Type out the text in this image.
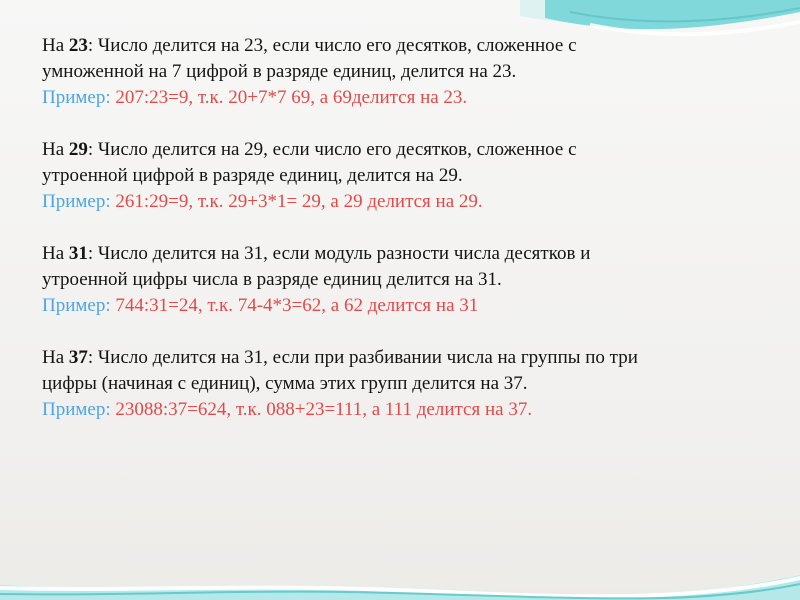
На 23: Число делится на 23, если число его десятков, сложенное с
умноженной на 7 цифрой в разряде единиц, делится на 23.
Пример: 207:23=9, т.к. 20+7*7 69, а 69делится на 23.
На 29: Число делится на 29, если число его десятков, сложенное с
утроенной цифрой в разряде единиц, делится на 29.
Пример: 261:29=9, т.к. 29+3*1= 29, а 29 делится на 29.
На 31: Число делится на 31, если модуль разности числа десятков и
утроенной цифры числа в разряде единиц делится на 31.
Пример: 744:31=24, т.к. 74-4*3=62, а 62 делится на 31
На 37: Число делится на 31, если при разбивании числа на группы по три
цифры (начиная с единиц), сумма этих групп делится на 37.
Пример: 23088:37=624, т.к. 088+23=111, а 111 делится на 37.
